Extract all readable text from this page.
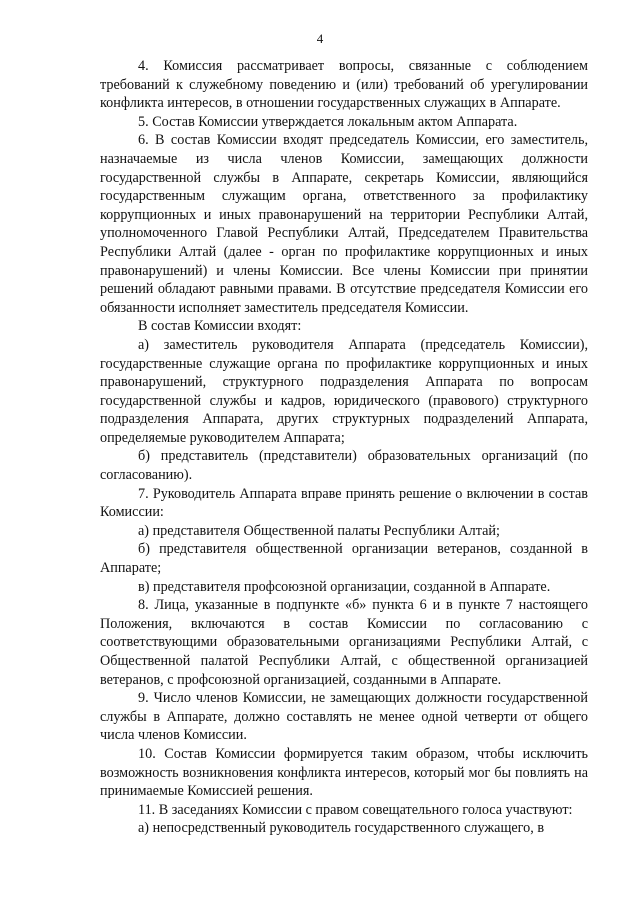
4

4. Комиссия рассматривает вопросы, связанные с соблюдением требований к служебному поведению и (или) требований об урегулировании конфликта интересов, в отношении государственных служащих в Аппарате.

5. Состав Комиссии утверждается локальным актом Аппарата.

6. В состав Комиссии входят председатель Комиссии, его заместитель, назначаемые из числа членов Комиссии, замещающих должности государственной службы в Аппарате, секретарь Комиссии, являющийся государственным служащим органа, ответственного за профилактику коррупционных и иных правонарушений на территории Республики Алтай, уполномоченного Главой Республики Алтай, Председателем Правительства Республики Алтай (далее - орган по профилактике коррупционных и иных правонарушений) и члены Комиссии. Все члены Комиссии при принятии решений обладают равными правами. В отсутствие председателя Комиссии его обязанности исполняет заместитель председателя Комиссии.

В состав Комиссии входят:

а) заместитель руководителя Аппарата (председатель Комиссии), государственные служащие органа по профилактике коррупционных и иных правонарушений, структурного подразделения Аппарата по вопросам государственной службы и кадров, юридического (правового) структурного подразделения Аппарата, других структурных подразделений Аппарата, определяемые руководителем Аппарата;

б) представитель (представители) образовательных организаций (по согласованию).

7. Руководитель Аппарата вправе принять решение о включении в состав Комиссии:

а) представителя Общественной палаты Республики Алтай;

б) представителя общественной организации ветеранов, созданной в Аппарате;

в) представителя профсоюзной организации, созданной в Аппарате.

8. Лица, указанные в подпункте «б» пункта 6 и в пункте 7 настоящего Положения, включаются в состав Комиссии по согласованию с соответствующими образовательными организациями Республики Алтай, с Общественной палатой Республики Алтай, с общественной организацией ветеранов, с профсоюзной организацией, созданными в Аппарате.

9. Число членов Комиссии, не замещающих должности государственной службы в Аппарате, должно составлять не менее одной четверти от общего числа членов Комиссии.

10. Состав Комиссии формируется таким образом, чтобы исключить возможность возникновения конфликта интересов, который мог бы повлиять на принимаемые Комиссией решения.

11. В заседаниях Комиссии с правом совещательного голоса участвуют:

а) непосредственный руководитель государственного служащего, в
